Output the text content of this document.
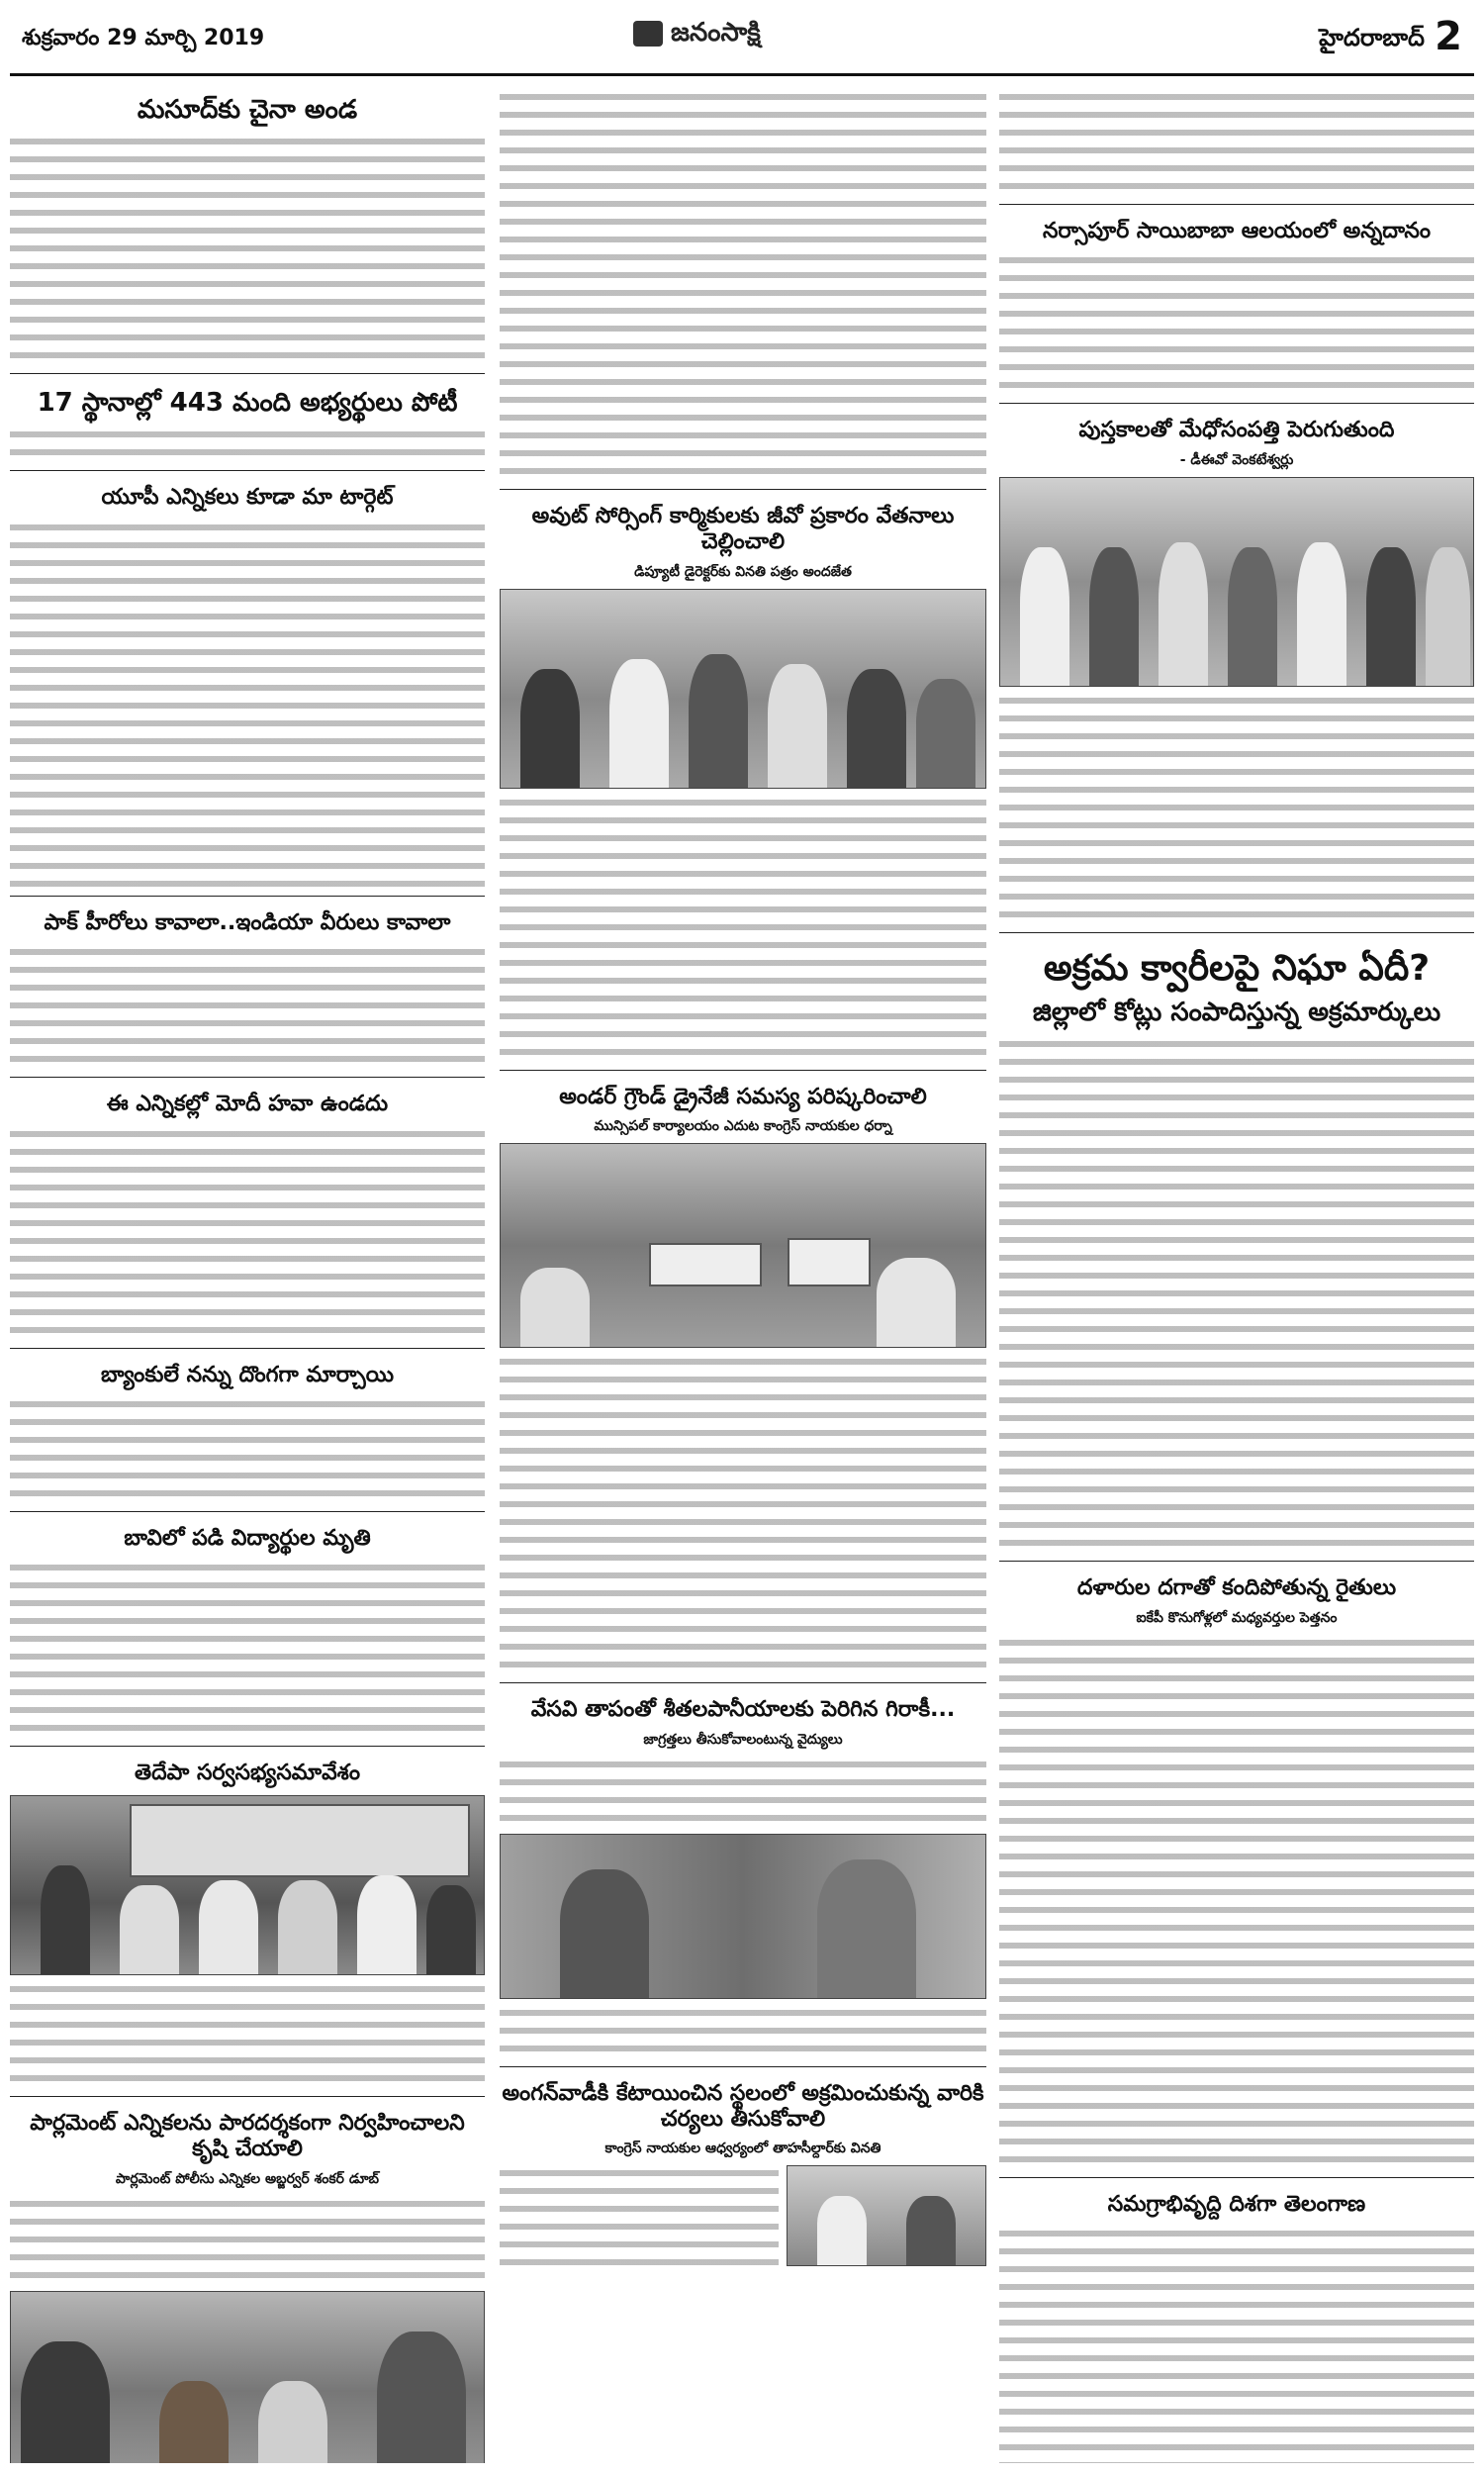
శుక్రవారం 29 మార్చి 2019	జనంసాక్షి	హైదరాబాద్ 2
మసూద్‌కు చైనా అండ
17 స్థానాల్లో 443 మంది అభ్యర్థులు పోటీ
యూపీ ఎన్నికలు కూడా మా టార్గెట్‌
పాక్‌ హీరోలు కావాలా..ఇండియా వీరులు కావాలా
ఈ ఎన్నికల్లో మోదీ హవా ఉండదు
బ్యాంకులే నన్ను దొంగగా మార్చాయి
బావిలో పడి విద్యార్థుల మృతి
తెదేపా సర్వసభ్యసమావేశం
పార్లమెంట్‌ ఎన్నికలను పారదర్శకంగా నిర్వహించాలని కృషి చేయాలి
పార్లమెంట్‌ పోలీసు ఎన్నికల అబ్జర్వర్‌ శంకర్‌ డూబ్‌
అవుట్‌ సోర్సింగ్‌ కార్మికులకు జీవో ప్రకారం వేతనాలు చెల్లించాలి
డిప్యూటీ డైరెక్టర్‌కు వినతి పత్రం అందజేత
అండర్‌ గ్రౌండ్‌ డ్రైనేజీ సమస్య పరిష్కరించాలి
మున్సిపల్‌ కార్యాలయం ఎదుట కాంగ్రెస్‌ నాయకుల ధర్నా
వేసవి తాపంతో శీతలపానీయాలకు పెరిగిన గిరాకీ...
జాగ్రత్తలు తీసుకోవాలంటున్న వైద్యులు
అంగన్‌వాడీకి కేటాయించిన స్థలంలో అక్రమించుకున్న వారికి చర్యలు తీసుకోవాలి
కాంగ్రెస్‌ నాయకుల ఆధ్వర్యంలో తాహసీల్దార్‌కు వినతి
నర్సాపూర్‌ సాయిబాబా ఆలయంలో అన్నదానం
పుస్తకాలతో మేధోసంపత్తి పెరుగుతుంది
- డీఈవో వెంకటేశ్వర్లు
అక్రమ క్వారీలపై నిఘా ఏదీ?
జిల్లాలో కోట్లు సంపాదిస్తున్న అక్రమార్కులు
దళారుల దగాతో కందిపోతున్న రైతులు
ఐకేపీ కొనుగోళ్లలో మధ్యవర్తుల పెత్తనం
సమగ్రాభివృద్ది దిశగా తెలంగాణ
